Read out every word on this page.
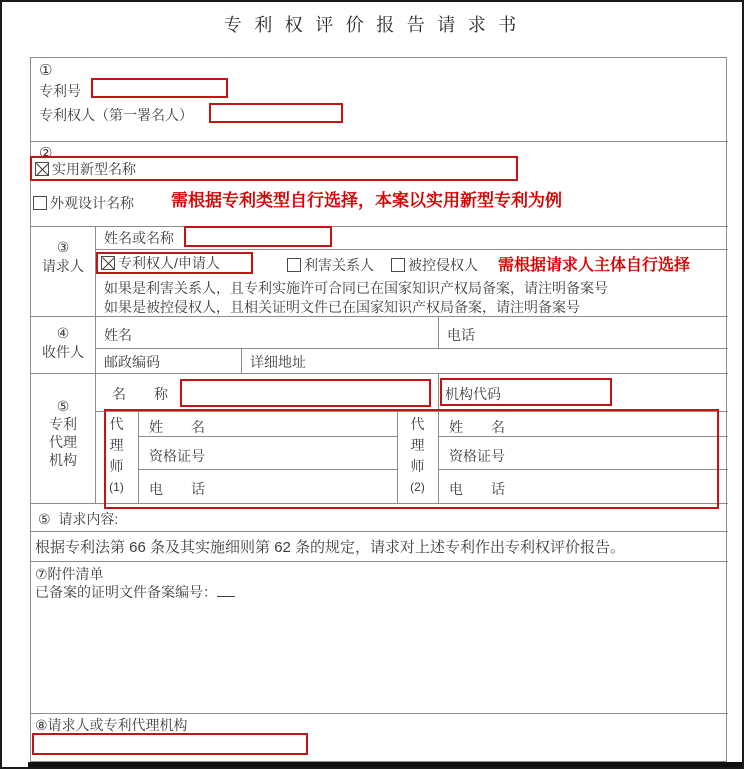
专 利 权 评 价 报 告 请 求 书
①
专利号
专利权人（第一署名人）
②
实用新型名称
外观设计名称 需根据专利类型自行选择，本案以实用新型专利为例
③
请求人
姓名或名称
专利权人/申请人	利害关系人 被控侵权人 需根据请求人主体自行选择
如果是利害关系人，且专利实施许可合同已在国家知识产权局备案，请注明备案号
如果是被控侵权人，且相关证明文件已在国家知识产权局备案，请注明备案号
④
收件人
姓名	电话
邮政编码	详细地址
⑤
专利
代理
机构
名　　称	机构代码
代
理
师
(1)
姓　　名
资格证号
电　　话
代
理
师
(2)
姓　　名
资格证号
电　　话
⑤ 请求内容:
根据专利法第 66 条及其实施细则第 62 条的规定，请求对上述专利作出专利权评价报告。
⑦附件清单
已备案的证明文件备案编号：
⑧请求人或专利代理机构
